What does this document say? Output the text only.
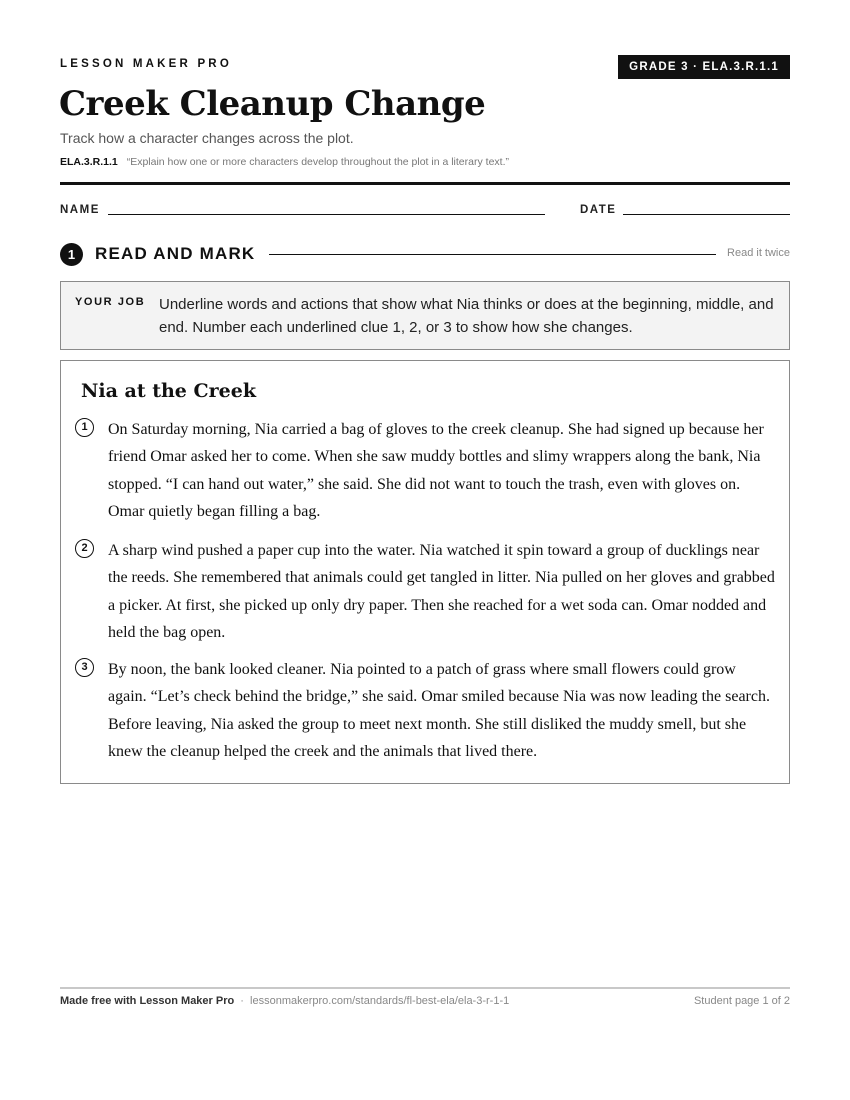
LESSON MAKER PRO	GRADE 3 · ELA.3.R.1.1
Creek Cleanup Change
Track how a character changes across the plot.
ELA.3.R.1.1 “Explain how one or more characters develop throughout the plot in a literary text.”
NAME	DATE
1	READ AND MARK	Read it twice
YOUR JOB Underline words and actions that show what Nia thinks or does at the beginning, middle, and end. Number each underlined clue 1, 2, or 3 to show how she changes.
Nia at the Creek
1	On Saturday morning, Nia carried a bag of gloves to the creek cleanup. She had signed up because her friend Omar asked her to come. When she saw muddy bottles and slimy wrappers along the bank, Nia stopped. “I can hand out water,” she said. She did not want to touch the trash, even with gloves on. Omar quietly began filling a bag.

2	A sharp wind pushed a paper cup into the water. Nia watched it spin toward a group of ducklings near the reeds. She remembered that animals could get tangled in litter. Nia pulled on her gloves and grabbed a picker. At first, she picked up only dry paper. Then she reached for a wet soda can. Omar nodded and held the bag open.

3	By noon, the bank looked cleaner. Nia pointed to a patch of grass where small flowers could grow again. “Let’s check behind the bridge,” she said. Omar smiled because Nia was now leading the search. Before leaving, Nia asked the group to meet next month. She still disliked the muddy smell, but she knew the cleanup helped the creek and the animals that lived there.

Made free with Lesson Maker Pro · lessonmakerpro.com/standards/fl-best-ela/ela-3-r-1-1	Student page 1 of 2
